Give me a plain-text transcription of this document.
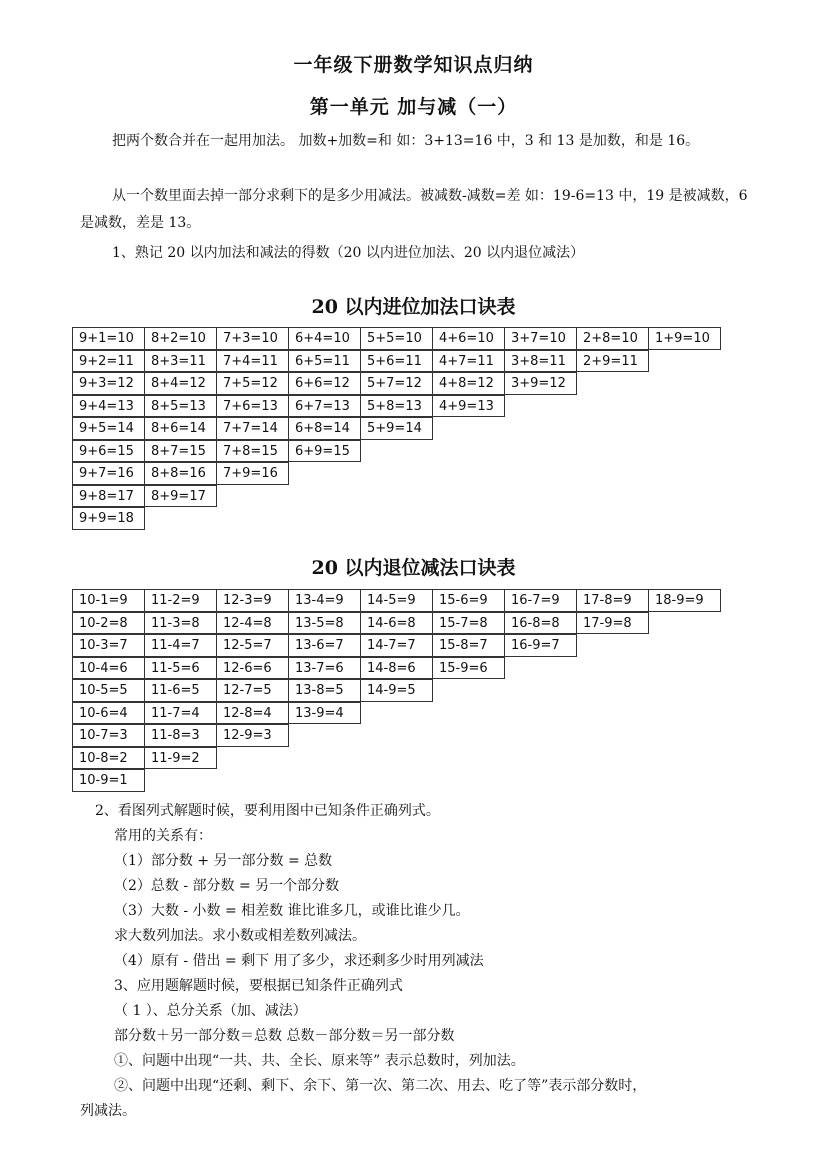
一年级下册数学知识点归纳
第一单元 加与减（一）
把两个数合并在一起用加法。 加数+加数=和 如：3+13=16 中，3 和 13 是加数，和是 16。
从一个数里面去掉一部分求剩下的是多少用减法。被减数-减数=差 如：19-6=13 中，19 是被减数，6 是减数，差是 13。
1、熟记 20 以内加法和减法的得数（20 以内进位加法、20 以内退位减法）
20 以内进位加法口诀表
9+1=10	8+2=10	7+3=10	6+4=10	5+5=10	4+6=10	3+7=10	2+8=10	1+9=10
9+2=11	8+3=11	7+4=11	6+5=11	5+6=11	4+7=11	3+8=11	2+9=11
9+3=12	8+4=12	7+5=12	6+6=12	5+7=12	4+8=12	3+9=12
9+4=13	8+5=13	7+6=13	6+7=13	5+8=13	4+9=13
9+5=14	8+6=14	7+7=14	6+8=14	5+9=14
9+6=15	8+7=15	7+8=15	6+9=15
9+7=16	8+8=16	7+9=16
9+8=17	8+9=17
9+9=18
20 以内退位减法口诀表
10-1=9	11-2=9	12-3=9	13-4=9	14-5=9	15-6=9	16-7=9	17-8=9	18-9=9
10-2=8	11-3=8	12-4=8	13-5=8	14-6=8	15-7=8	16-8=8	17-9=8
10-3=7	11-4=7	12-5=7	13-6=7	14-7=7	15-8=7	16-9=7
10-4=6	11-5=6	12-6=6	13-7=6	14-8=6	15-9=6
10-5=5	11-6=5	12-7=5	13-8=5	14-9=5
10-6=4	11-7=4	12-8=4	13-9=4
10-7=3	11-8=3	12-9=3
10-8=2	11-9=2
10-9=1
2、看图列式解题时候，要利用图中已知条件正确列式。
常用的关系有：
（1）部分数 + 另一部分数 = 总数
（2）总数 - 部分数 = 另一个部分数
（3）大数 - 小数 = 相差数 谁比谁多几，或谁比谁少几。
求大数列加法。求小数或相差数列减法。
（4）原有 - 借出 = 剩下 用了多少，求还剩多少时用列减法
3、应用题解题时候，要根据已知条件正确列式
（ 1 ）、总分关系（加、减法）
部分数＋另一部分数＝总数 总数－部分数＝另一部分数
①、问题中出现“一共、共、全长、原来等” 表示总数时，列加法。
②、问题中出现“还剩、剩下、余下、第一次、第二次、用去、吃了等”表示部分数时，
列减法。
